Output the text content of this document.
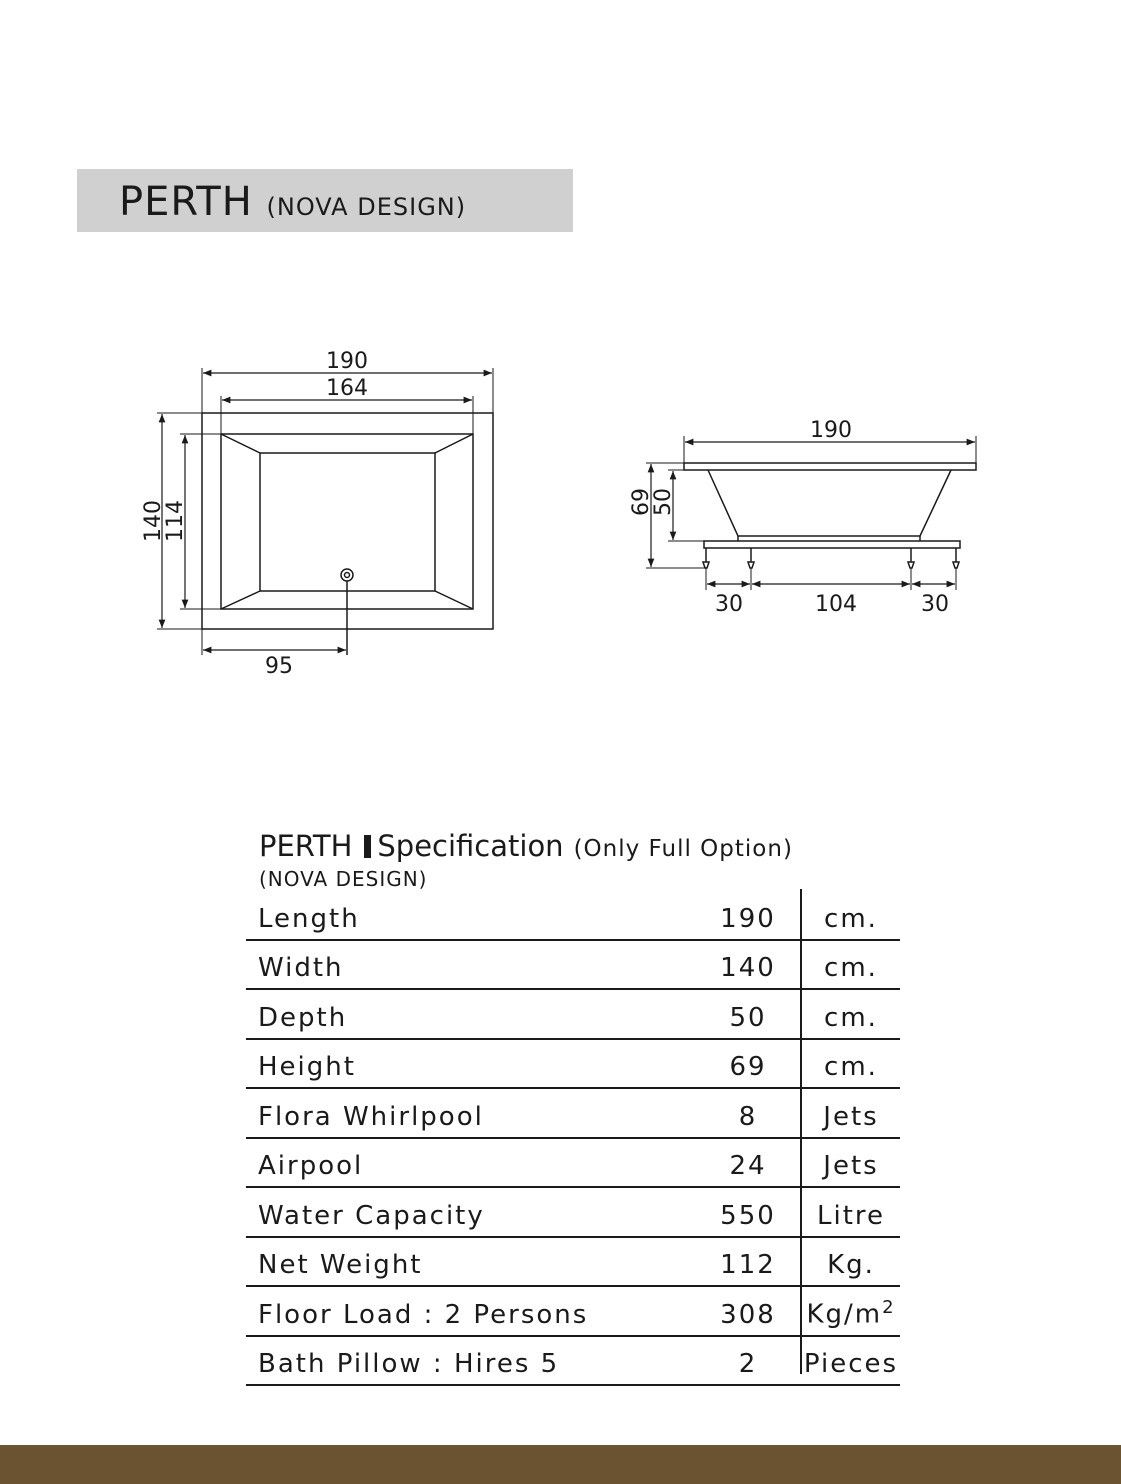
PERTH (NOVA DESIGN)
190
164
140
114
95
190
69
50
30	104	30
PERTH Specification (Only Full Option)
(NOVA DESIGN)
Length	190	cm.
Width	140	cm.
Depth	50	cm.
Height	69	cm.
Flora Whirlpool	8	Jets
Airpool	24	Jets
Water Capacity	550	Litre
Net Weight	112	Kg.
Floor Load : 2 Persons	308	$Kg/m^2$
Bath Pillow : Hires 5	2	Pieces
